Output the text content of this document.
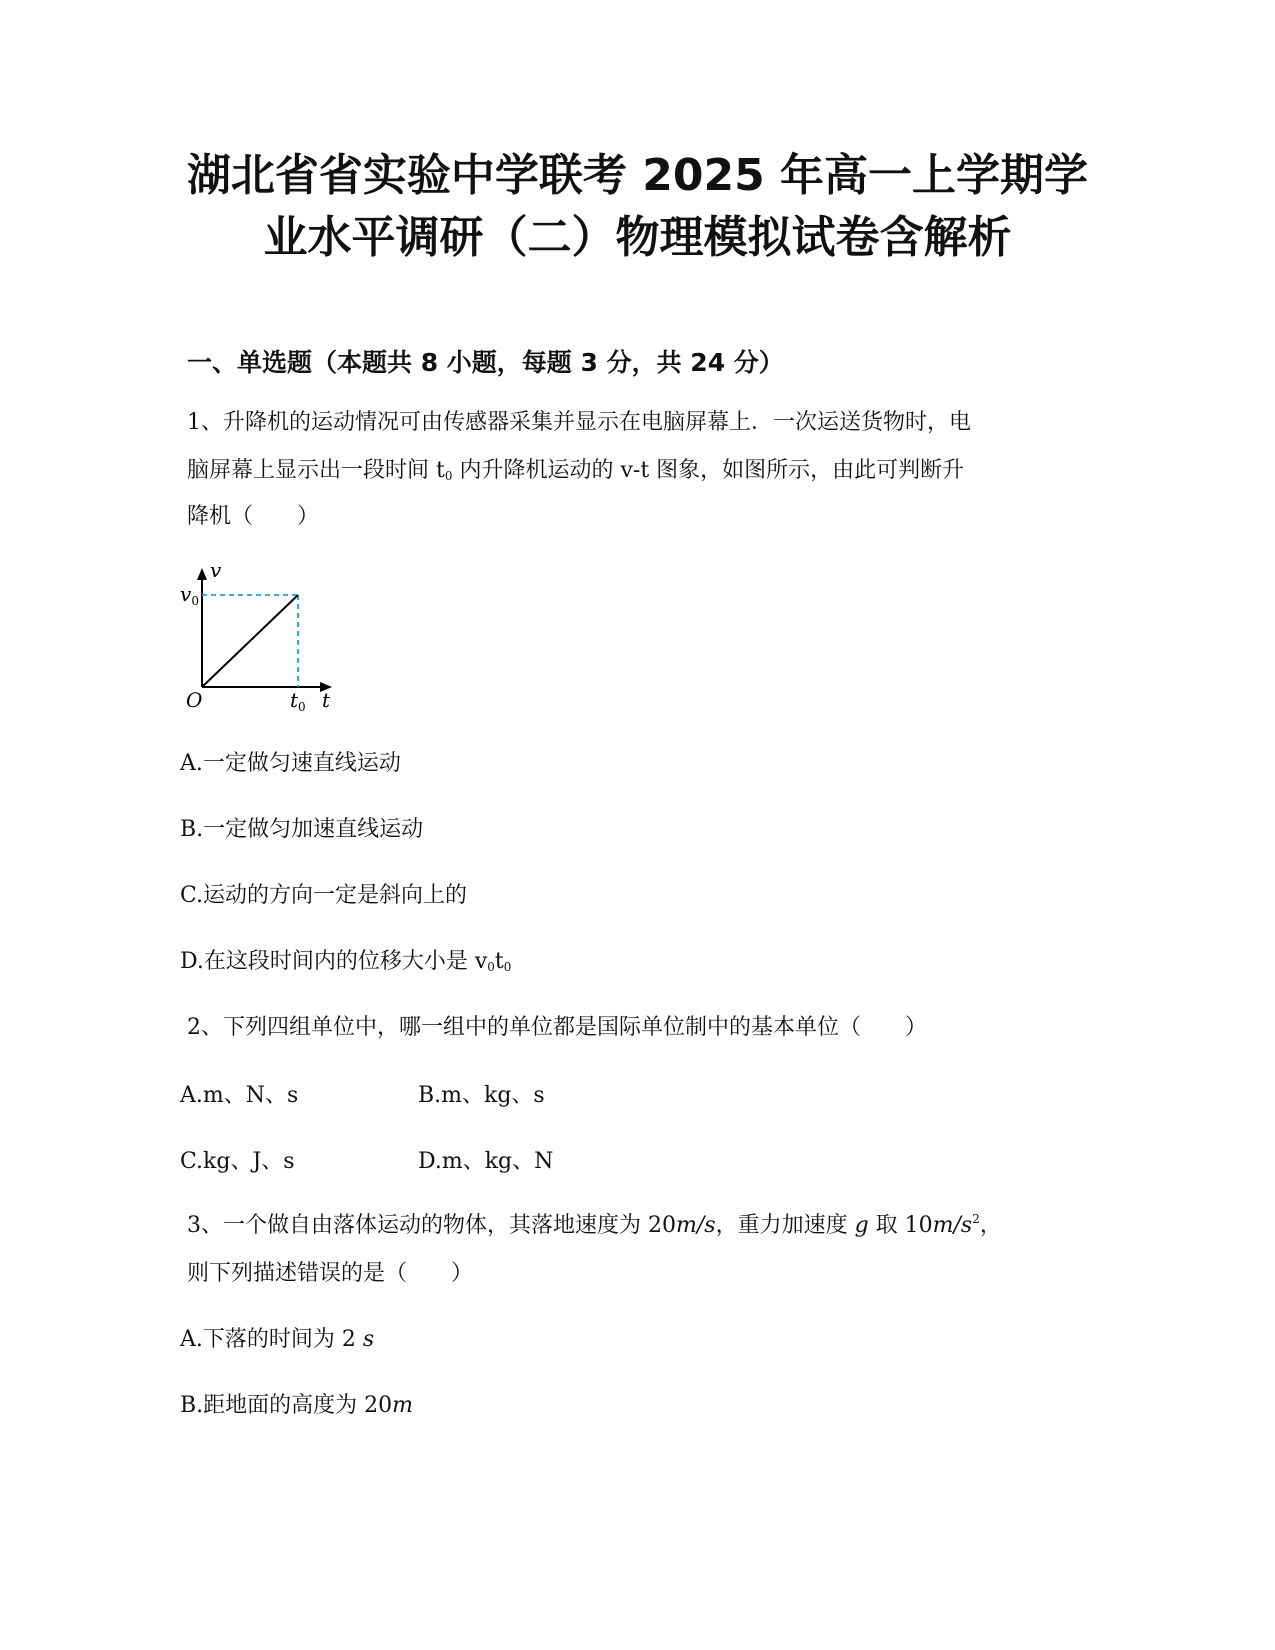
湖北省省实验中学联考 2025 年高一上学期学
业水平调研（二）物理模拟试卷含解析
一、单选题（本题共 8 小题，每题 3 分，共 24 分）
1、升降机的运动情况可由传感器采集并显示在电脑屏幕上．一次运送货物时，电
脑屏幕上显示出一段时间 $t_0$ 内升降机运动的 v-t 图象，如图所示，由此可判断升
降机（　　）
v
$v_0$
O	$t_0$ t
A.一定做匀速直线运动
B.一定做匀加速直线运动
C.运动的方向一定是斜向上的
D.在这段时间内的位移大小是 $v_0t_0$
2、下列四组单位中，哪一组中的单位都是国际单位制中的基本单位（　　）
A.m、N、s	B.m、kg、s
C.kg、J、s	D.m、kg、N
3、一个做自由落体运动的物体，其落地速度为 20m/s，重力加速度 g 取 $10m/s^2$，
则下列描述错误的是（　　）
A.下落的时间为 2 s
B.距地面的高度为 20m
